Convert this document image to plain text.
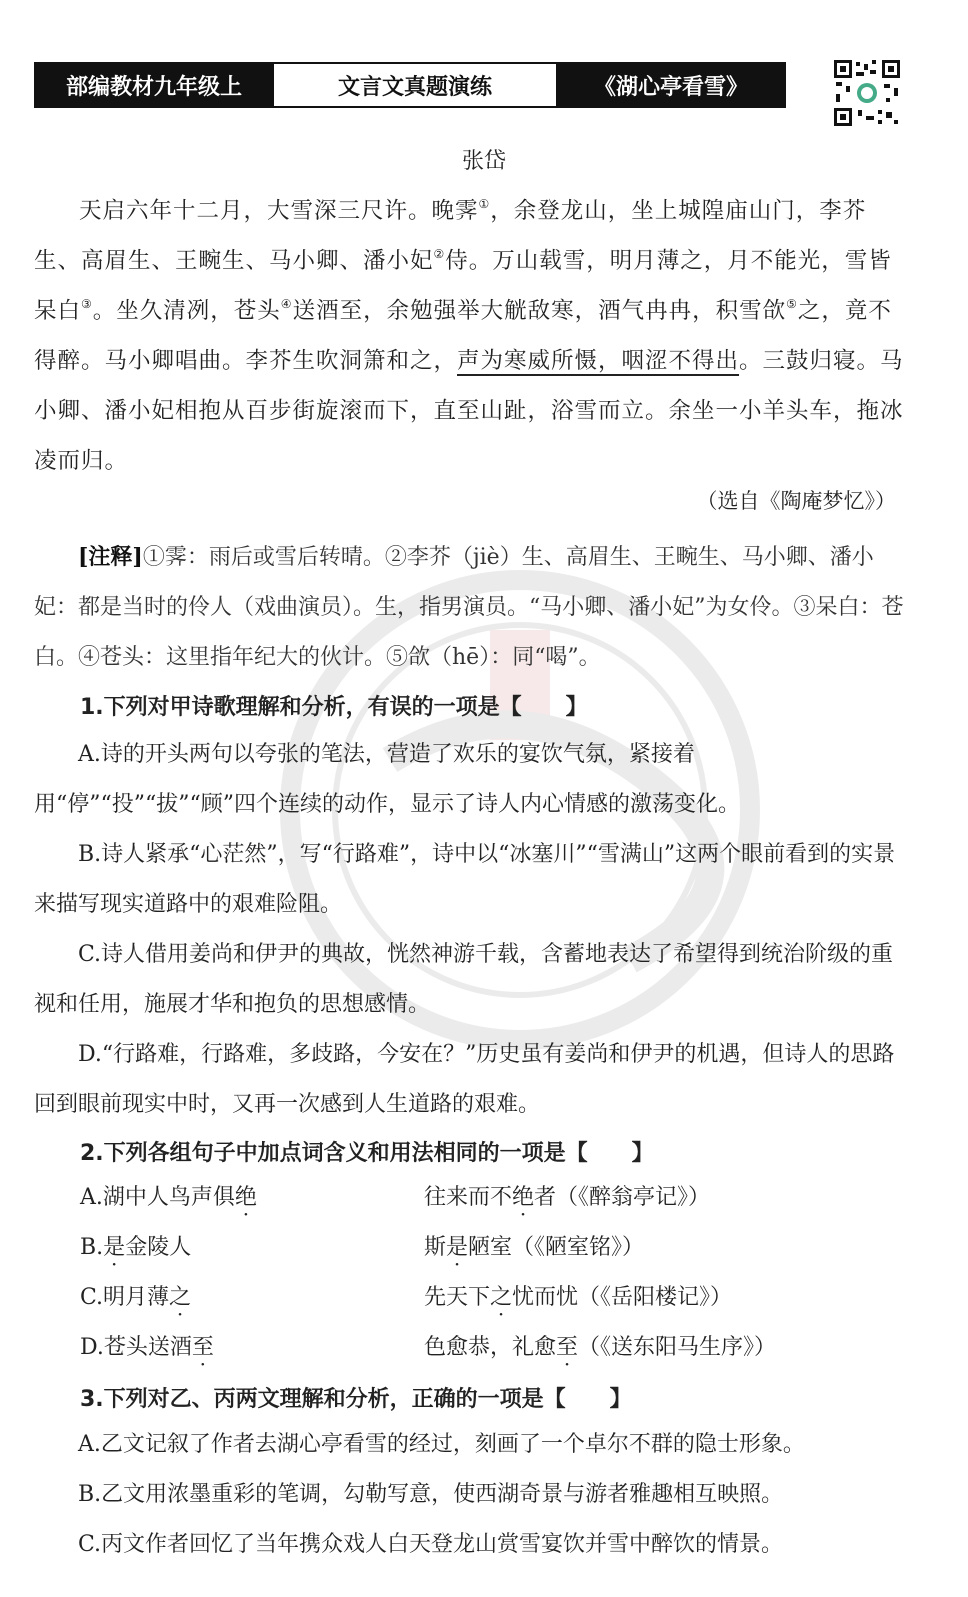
部编教材九年级上	文言文真题演练	《湖心亭看雪》
张岱
天启六年十二月，大雪深三尺许。晚霁①，余登龙山，坐上城隍庙山门，李芥生、高眉生、王畹生、马小卿、潘小妃②侍。万山载雪，明月薄之，月不能光，雪皆呆白③。坐久清冽，苍头④送酒至，余勉强举大觥敌寒，酒气冉冉，积雪欱⑤之，竟不得醉。马小卿唱曲。李芥生吹洞箫和之，声为寒威所慑，咽涩不得出。三鼓归寝。马小卿、潘小妃相抱从百步街旋滚而下，直至山趾，浴雪而立。余坐一小羊头车，拖冰凌而归。
（选自《陶庵梦忆》）
[注释]①霁：雨后或雪后转晴。②李芥（jiè）生、高眉生、王畹生、马小卿、潘小妃：都是当时的伶人（戏曲演员）。生，指男演员。“马小卿、潘小妃”为女伶。③呆白：苍白。④苍头：这里指年纪大的伙计。⑤欱（hē）：同“喝”。
1.下列对甲诗歌理解和分析，有误的一项是【　　】
A.诗的开头两句以夸张的笔法，营造了欢乐的宴饮气氛，紧接着用“停”“投”“拔”“顾”四个连续的动作，显示了诗人内心情感的激荡变化。
B.诗人紧承“心茫然”，写“行路难”，诗中以“冰塞川”“雪满山”这两个眼前看到的实景来描写现实道路中的艰难险阻。
C.诗人借用姜尚和伊尹的典故，恍然神游千载，含蓄地表达了希望得到统治阶级的重视和任用，施展才华和抱负的思想感情。
D.“行路难，行路难，多歧路，今安在？”历史虽有姜尚和伊尹的机遇，但诗人的思路回到眼前现实中时，又再一次感到人生道路的艰难。
2.下列各组句子中加点词含义和用法相同的一项是【　　】
A.湖中人鸟声俱绝	往来而不绝者（《醉翁亭记》）
B.是金陵人	斯是陋室（《陋室铭》）
C.明月薄之	先天下之忧而忧（《岳阳楼记》）
D.苍头送酒至	色愈恭，礼愈至（《送东阳马生序》）
3.下列对乙、丙两文理解和分析，正确的一项是【　　】
A.乙文记叙了作者去湖心亭看雪的经过，刻画了一个卓尔不群的隐士形象。
B.乙文用浓墨重彩的笔调，勾勒写意，使西湖奇景与游者雅趣相互映照。
C.丙文作者回忆了当年携众戏人白天登龙山赏雪宴饮并雪中醉饮的情景。
